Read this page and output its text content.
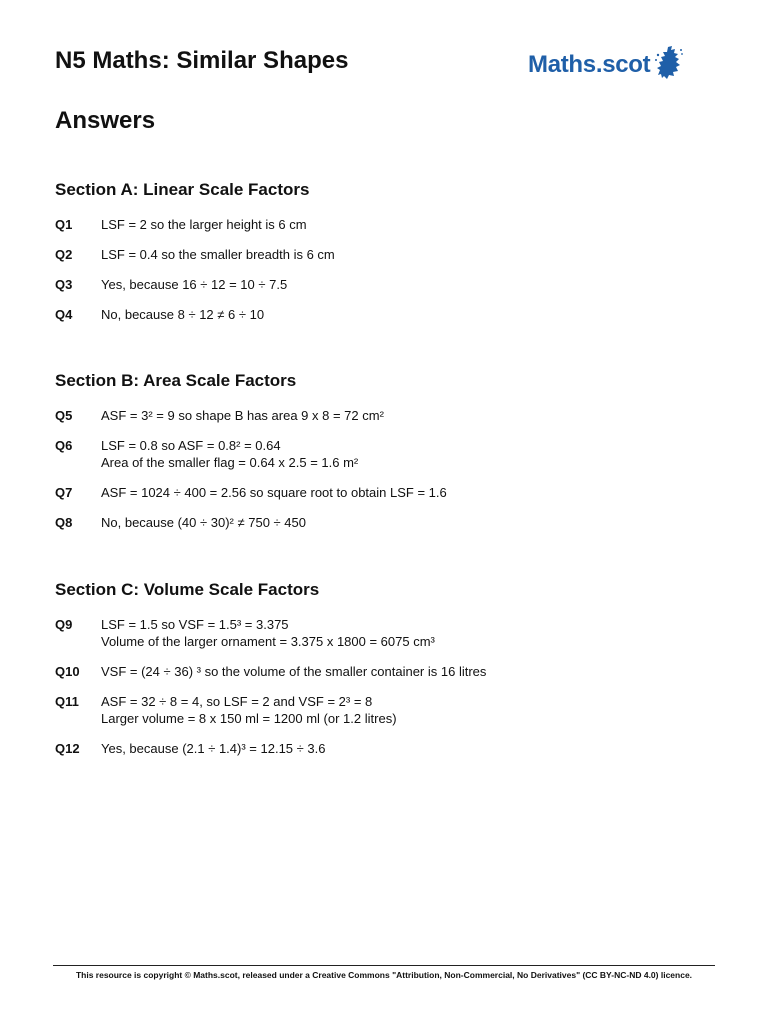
N5 Maths: Similar Shapes	Maths.scot
Answers
Section A: Linear Scale Factors
Q1	LSF = 2 so the larger height is 6 cm
Q2	LSF = 0.4 so the smaller breadth is 6 cm
Q3	Yes, because 16 ÷ 12 = 10 ÷ 7.5
Q4	No, because 8 ÷ 12 ≠ 6 ÷ 10
Section B: Area Scale Factors
Q5	ASF = 3² = 9 so shape B has area 9 x 8 = 72 cm²
Q6	LSF = 0.8 so ASF = 0.8² = 0.64
Area of the smaller flag = 0.64 x 2.5 = 1.6 m²
Q7	ASF = 1024 ÷ 400 = 2.56 so square root to obtain LSF = 1.6
Q8	No, because (40 ÷ 30)² ≠ 750 ÷ 450
Section C: Volume Scale Factors
Q9	LSF = 1.5 so VSF = 1.5³ = 3.375
Volume of the larger ornament = 3.375 x 1800 = 6075 cm³
Q10	VSF = (24 ÷ 36) ³ so the volume of the smaller container is 16 litres
Q11	ASF = 32 ÷ 8 = 4, so LSF = 2 and VSF = 2³ = 8
Larger volume = 8 x 150 ml = 1200 ml (or 1.2 litres)
Q12	Yes, because (2.1 ÷ 1.4)³ = 12.15 ÷ 3.6
This resource is copyright © Maths.scot, released under a Creative Commons "Attribution, Non-Commercial, No Derivatives" (CC BY-NC-ND 4.0) licence.
